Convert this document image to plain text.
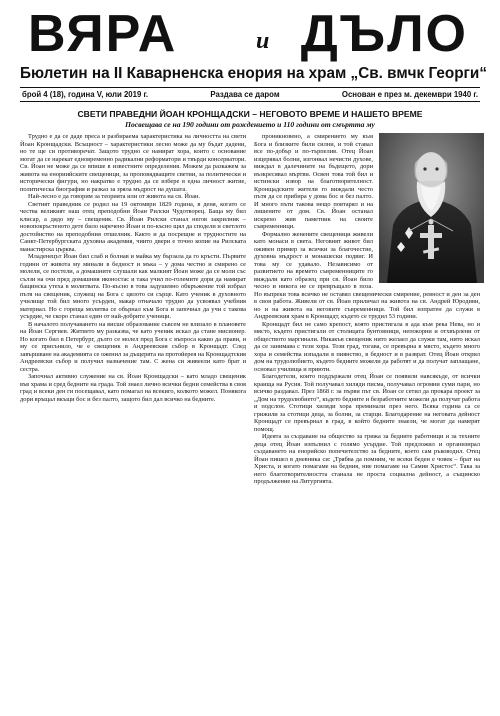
ВЯРА	и ДЪЛО
Бюлетин на II Каварненска енория на храм „Св. вмчк Георги“
брой 4 (18), година V, юли 2019 г.	Раздава се даром	Основан е през м. декември 1940 г.
СВЕТИ ПРАВЕДНИ ЙОАН КРОНЩАДСКИ – НЕГОВОТО ВРЕМЕ И НАШЕТО ВРЕМЕ
Посвещава се на 190 години от рождението и 110 години от смъртта му

Трудно е да се даде преса и разбираема характеристика на личността на свети Йоан Кронщадски. Всъщност – характеристики лесно може да му бъдат дадени, но те ще си противоречат. Защото трудно се намират хора, които с основание могат да се нарекат едновременно радикални реформатори и твърди консерватори. Св. Йоан не може да се впише в известните определения. Можем да разкажем за живота на енориийските свещеници, за проповядващите светии, за политически и исторически фигури, но накратко е трудно да се избере в една личност житие, политическа биография и разказ за зряла мъдрост на душата.

Най-лесно е да говорим за теорията или от живота на св. Йоан.

Светият праведник се родил на 19 октомври 1829 година, в деня, когато се чества великият наш отец преподобни Йоан Рилски Чудотворец. Баща му бил клисар, а дядо му – свещеник. Св. Йоан Рилски станал негов закрилник – новопокръстеното дете било наречено Йоан и по-късно щял да сподели и светлото достойнство на преподобния отшелник. Както и да посрещне и трудностите на Санкт-Петербургската духовна академия, чиито двери е точно копие на Рилската манастирска църква.

Младенецът Йоан бил слаб и болнав и майка му бързала да го кръсти. Първите години от живота му минали в бедност и мъка – у дома честно и смирено се молели, се постели, а домашните слушали как малкият Йоан може да се моли със сълзи на очи пред домашния иконостас и така учил по-големите дори да намират бащинска утеха в молитвата. По-късно в това задушевно обкръжение той избрал пътя на свещеник, служещ на Бога с цялото си сърце. Като ученик в духовното училище той бил много усърден, макар отначало трудно да усвоявал учебния материал. Но с гореща молитва се обърнал към Бога и започнал да учи с такова усърдие, че скоро станал един от най-добрите ученици.

В началото получаването на висше образование съвсем не влизало в плановете на Йоан Сергиев. Житието му разказва, че като ученик искал да стане мисионер. Но когато бил в Петербург, дълго се молел пред Бога с въпроса какво да прави, и му се присънило, че е свещеник в Андреевския събор в Кронщадт. След завършване на академията се оженил за дъщерята на протойерея на Кронщадтския Андреевски събор и получил назначение там. С жена си живеели като брат и сестра.

Започнал активно служение на св. Йоан Кронщадски – като младо свещеник във храма и сред бедните на града. Той знаел лично всички бедни семейства в своя град и всеки ден ги посещавал, като помагал на всекиго, колкото можел. Понякога дори връщал вкъщи бос и без палто, защото бил дал всичко на бедните.

проникновено, а смирението му към Бога и близките били силни, и той ставал все по-добър и по-търпелив. Отец Йоан изцерявал болни, изгонвал нечисти духове, виждал в далечините на бъдещето, дори възкресявал мъртви. Освен това той бил и истински извор на благотворителност. Кронщадските жители го виждали често пътя да се прибира у дома бос и без палто. И много пъти такова нещо повтарял и на лишените от дом. Св. Йоан останал искрено жив паметник на своите съвременници.

Формално женените свещеници живели като монаси в света. Неговият живот бил оживен пример за всички за благочестие, духовна мъдрост и монашески подвиг. И това му се удавало. Независимо от развитието на времето съвременниците го виждали като образец при св. Йоан било чесно и никога не се превръщало в поза. Но въпреки това всичко не оставял свещенически смирение, ревност и ден за ден в своя работа. Живели от св. Йоан приличал на живота на св. Андрей Юродиви, но и на живота на неговите съвременници. Той бил изпратен да служи в Андреевския храм в Кронщадт, където се трудил 53 години.

Кронщадт бил не само крепост, която пристигала в ада към река Нева, но и място, където пристигали от столицата бунтовници, непокорни и отхвърлени от обществото маргинали. Никакъв свещеник нито желаел да служи там, нито искал да се занимава с тези хора. Този град, тогава, се превърна в място, където много хора и семейства изпадали в пиянство, в бедност и в разврат. Отец Йоан открил дом на трудолюбието, където бедните можели да работят и да получат заплащане, основал училища и приюти.

Благодетели, които поддържали отец Йоан се появили навсякъде, от всички краища на Русия. Той получавал хиляди писма, получавал огромни суми пари, но всичко раздавал. През 1868 г. за първи път св. Йоан се сетил да прокара проект за „Дом на трудолюбието“, където бедните и безработните можели да получат работа и подслон. Стотици хиляди хора преминали през него. Всяка година са се грижили за стотици деца, за болни, за старци. Благодарение на неговата дейност Кронщадт се превърнал в град, в който бедните знаели, че могат да намерят помощ.

Идеята за създаване на общество за грижа за бедните работници и за техните деца отец Йоан изпълнил с голямо усърдие. Той предложил и организирал създаването на енорийско попечителство за бедните, което сам ръководил. Отец Йоан пишел в дневника си: „Трябва да помним, че всеки беден е човек – брат на Христа, и когато помагаме на бедния, ние помагаме на Самия Христос“. Така за него благотворителността станала не проста социална дейност, а същинско продължение на Литургията.
